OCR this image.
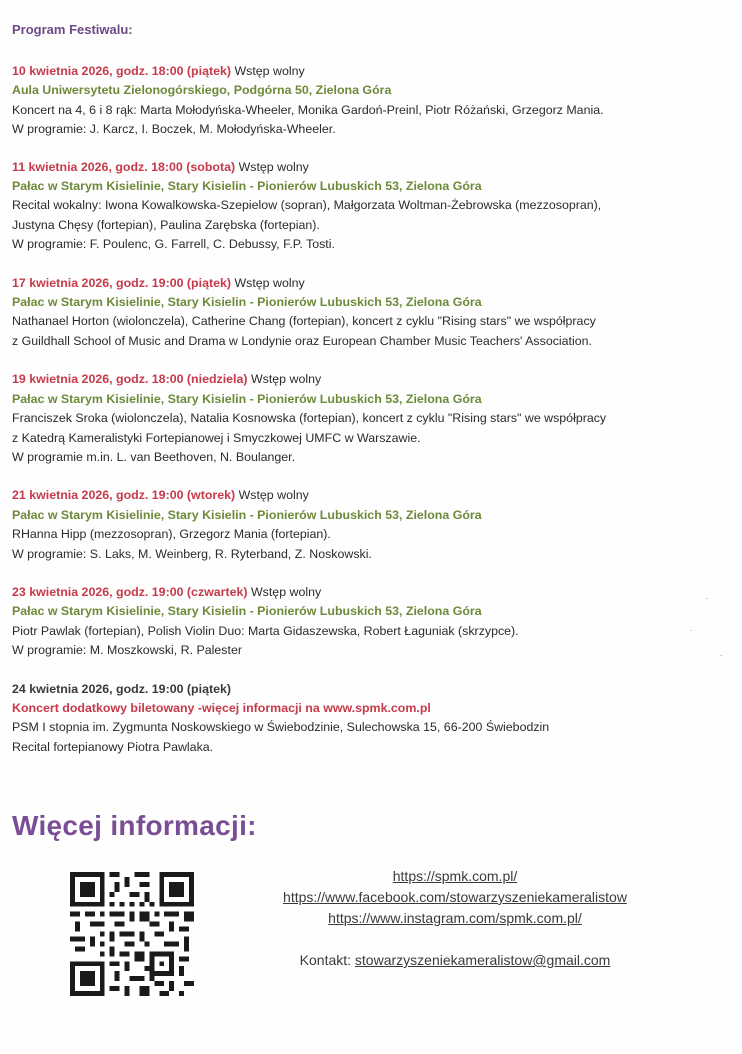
Program Festiwalu:
10 kwietnia 2026, godz. 18:00 (piątek) Wstęp wolny
Aula Uniwersytetu Zielonogórskiego, Podgórna 50, Zielona Góra
Koncert na 4, 6 i 8 rąk: Marta Mołodyńska-Wheeler, Monika Gardoń-Preinl, Piotr Różański, Grzegorz Mania.
W programie: J. Karcz, I. Boczek, M. Mołodyńska-Wheeler.
11 kwietnia 2026, godz. 18:00 (sobota) Wstęp wolny
Pałac w Starym Kisielinie, Stary Kisielin - Pionierów Lubuskich 53, Zielona Góra
Recital wokalny: Iwona Kowalkowska-Szepielow (sopran), Małgorzata Woltman-Żebrowska (mezzosopran),
Justyna Chęsy (fortepian), Paulina Zarębska (fortepian).
W programie: F. Poulenc, G. Farrell, C. Debussy, F.P. Tosti.
17 kwietnia 2026, godz. 19:00 (piątek) Wstęp wolny
Pałac w Starym Kisielinie, Stary Kisielin - Pionierów Lubuskich 53, Zielona Góra
Nathanael Horton (wiolonczela), Catherine Chang (fortepian), koncert z cyklu "Rising stars" we współpracy
z Guildhall School of Music and Drama w Londynie oraz European Chamber Music Teachers' Association.
19 kwietnia 2026, godz. 18:00 (niedziela) Wstęp wolny
Pałac w Starym Kisielinie, Stary Kisielin - Pionierów Lubuskich 53, Zielona Góra
Franciszek Sroka (wiolonczela), Natalia Kosnowska (fortepian), koncert z cyklu "Rising stars" we współpracy
z Katedrą Kameralistyki Fortepianowej i Smyczkowej UMFC w Warszawie.
W programie m.in. L. van Beethoven, N. Boulanger.
21 kwietnia 2026, godz. 19:00 (wtorek) Wstęp wolny
Pałac w Starym Kisielinie, Stary Kisielin - Pionierów Lubuskich 53, Zielona Góra
RHanna Hipp (mezzosopran), Grzegorz Mania (fortepian).
W programie: S. Laks, M. Weinberg, R. Ryterband, Z. Noskowski.
23 kwietnia 2026, godz. 19:00 (czwartek) Wstęp wolny
Pałac w Starym Kisielinie, Stary Kisielin - Pionierów Lubuskich 53, Zielona Góra
Piotr Pawlak (fortepian), Polish Violin Duo: Marta Gidaszewska, Robert Łaguniak (skrzypce).
W programie: M. Moszkowski, R. Palester
24 kwietnia 2026, godz. 19:00 (piątek)
Koncert dodatkowy biletowany -więcej informacji na www.spmk.com.pl
PSM I stopnia im. Zygmunta Noskowskiego w Świebodzinie, Sulechowska 15, 66-200 Świebodzin
Recital fortepianowy Piotra Pawlaka.
Więcej informacji:
https://spmk.com.pl/
https://www.facebook.com/stowarzyszeniekameralistow
https://www.instagram.com/spmk.com.pl/
Kontakt: stowarzyszeniekameralistow@gmail.com
